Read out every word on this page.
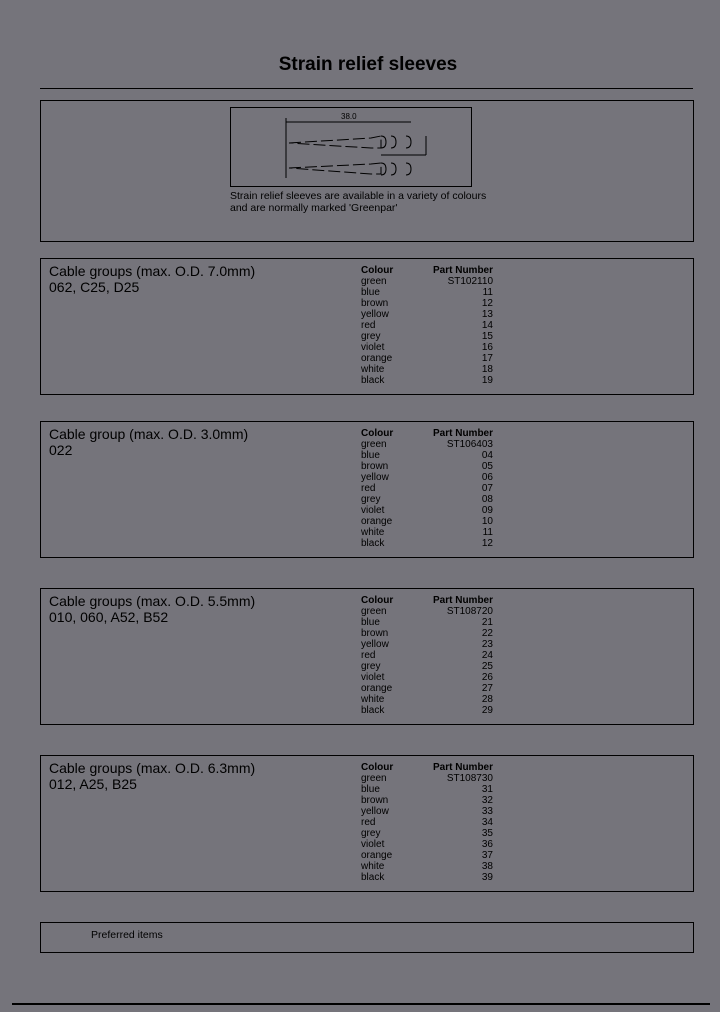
Strain relief sleeves
38.0
Strain relief sleeves are available in a variety of colours
and are normally marked 'Greenpar'
Cable groups (max. O.D. 7.0mm)
062, C25, D25
Colour	Part Number
green	ST102110
blue	11
brown	12
yellow	13
red	14
grey	15
violet	16
orange	17
white	18
black	19
Cable group (max. O.D. 3.0mm)
022
Colour	Part Number
green	ST106403
blue	04
brown	05
yellow	06
red	07
grey	08
violet	09
orange	10
white	11
black	12
Cable groups (max. O.D. 5.5mm)
010, 060, A52, B52
Colour	Part Number
green	ST108720
blue	21
brown	22
yellow	23
red	24
grey	25
violet	26
orange	27
white	28
black	29
Cable groups (max. O.D. 6.3mm)
012, A25, B25
Colour	Part Number
green	ST108730
blue	31
brown	32
yellow	33
red	34
grey	35
violet	36
orange	37
white	38
black	39
Preferred items
